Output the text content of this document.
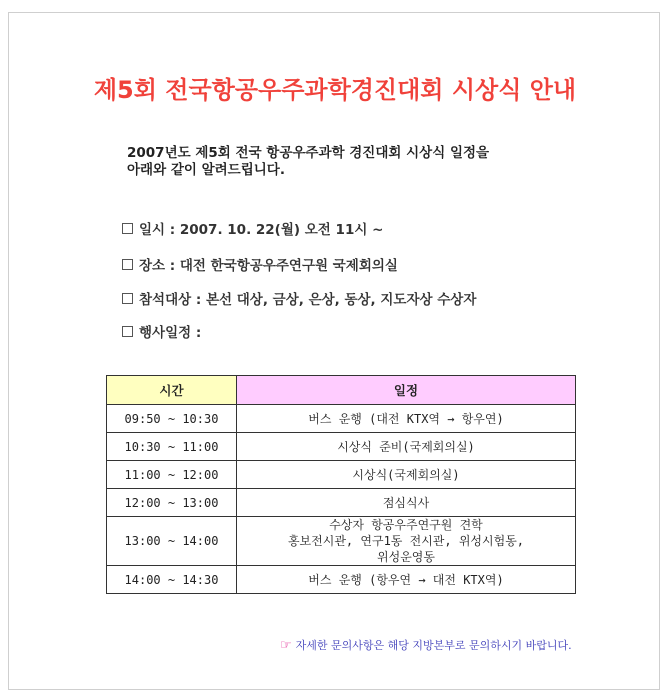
제5회 전국항공우주과학경진대회 시상식 안내
2007년도 제5회 전국 항공우주과학 경진대회 시상식 일정을
아래와 같이 알려드립니다.
일시 : 2007. 10. 22(월) 오전 11시 ~
장소 : 대전 한국항공우주연구원 국제회의실
참석대상 : 본선 대상, 금상, 은상, 동상, 지도자상 수상자
행사일정 :
시간	일정
09:50 ~ 10:30	버스 운행 (대전 KTX역 → 항우연)

10:30 ~ 11:00	시상식 준비(국제회의실)

11:00 ~ 12:00	시상식(국제회의실)

12:00 ~ 13:00	점심식사

13:00 ~ 14:00	수상자 항공우주연구원 견학
홍보전시관, 연구1동 전시관, 위성시험동,
위성운영동

14:00 ~ 14:30	버스 운행 (항우연 → 대전 KTX역)
☞ 자세한 문의사항은 해당 지방본부로 문의하시기 바랍니다.
